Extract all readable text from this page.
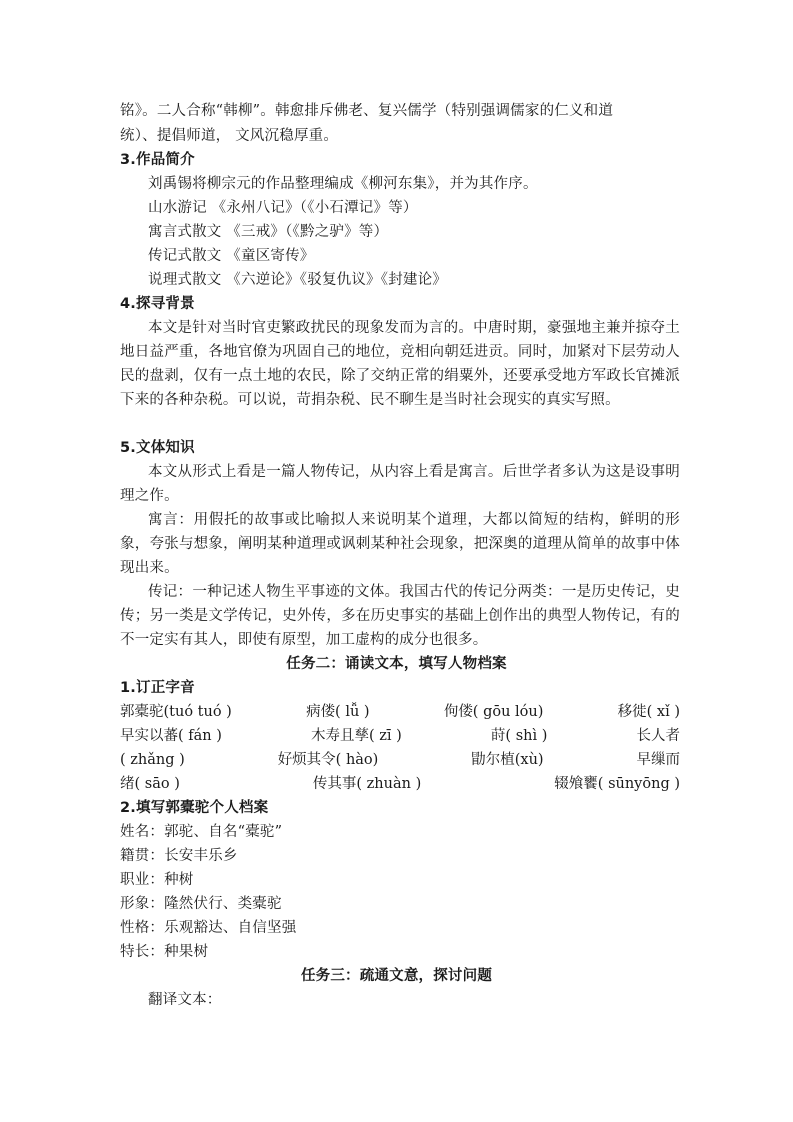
铭》。二人合称“韩柳”。韩愈排斥佛老、复兴儒学（特别强调儒家的仁义和道
统）、提倡师道， 文风沉稳厚重。
3.作品简介
刘禹锡将柳宗元的作品整理编成《柳河东集》，并为其作序。
山水游记 《永州八记》（《小石潭记》等）
寓言式散文 《三戒》（《黔之驴》等）
传记式散文 《童区寄传》
说理式散文 《六逆论》《驳复仇议》《封建论》
4.探寻背景
本文是针对当时官吏繁政扰民的现象发而为言的。中唐时期，豪强地主兼并掠夺土地日益严重，各地官僚为巩固自己的地位，竞相向朝廷进贡。同时，加紧对下层劳动人民的盘剥，仅有一点土地的农民，除了交纳正常的绢粟外，还要承受地方军政长官摊派下来的各种杂税。可以说，苛捐杂税、民不聊生是当时社会现实的真实写照。
5.文体知识
本文从形式上看是一篇人物传记，从内容上看是寓言。后世学者多认为这是设事明理之作。
寓言：用假托的故事或比喻拟人来说明某个道理，大都以简短的结构，鲜明的形象，夸张与想象，阐明某种道理或讽刺某种社会现象，把深奥的道理从简单的故事中体现出来。
传记：一种记述人物生平事迹的文体。我国古代的传记分两类：一是历史传记，史传；另一类是文学传记，史外传，多在历史事实的基础上创作出的典型人物传记，有的不一定实有其人，即使有原型，加工虚构的成分也很多。
任务二：诵读文本，填写人物档案
1.订正字音
郭橐驼(tuó tuó )	病偻( lǚ )	佝偻( gōu lóu)	移徙( xǐ )
早实以蕃( fán )	木寿且孳( zī )	莳( shì )	长人者
( zhǎng )	好烦其令( hào)	勖尔植(xù)	早缫而
绪( sāo )	传其事( zhuàn )	辍飧饔( sūnyōng )
2.填写郭橐驼个人档案
姓名：郭驼、自名“橐驼”
籍贯：长安丰乐乡
职业：种树
形象：隆然伏行、类橐驼
性格：乐观豁达、自信坚强
特长：种果树
任务三：疏通文意，探讨问题
翻译文本：
